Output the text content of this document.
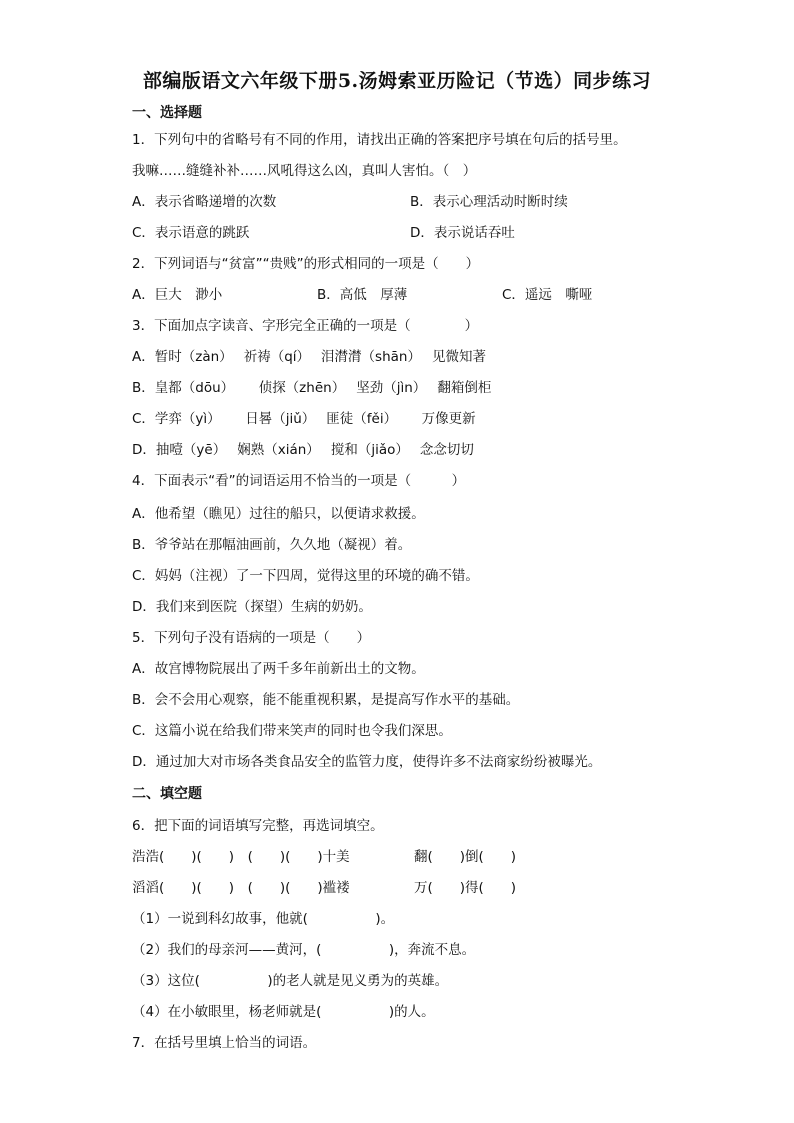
部编版语文六年级下册5.汤姆索亚历险记（节选）同步练习
一、选择题
1．下列句中的省略号有不同的作用，请找出正确的答案把序号填在句后的括号里。
我嘛……缝缝补补……风吼得这么凶，真叫人害怕。（　）
A．表示省略递增的次数	B．表示心理活动时断时续
C．表示语意的跳跃	D．表示说话吞吐
2．下列词语与“贫富”“贵贱”的形式相同的一项是（　　）
A．巨大　渺小	B．高低　厚薄	C．遥远　嘶哑
3．下面加点字读音、字形完全正确的一项是（　　　　）
A．暂时（zàn）　 祈祷（qí）　 泪潸潸（shān）　 见微知著
B．皇都（dōu）　　 侦探（zhēn）　 坚劲（jìn）　 翻箱倒柜
C．学弈（yì）　　 日晷（jiǔ）　 匪徒（fěi）　　 万像更新
D．抽噎（yē）　 娴熟（xián）　 搅和（jiǎo）　 念念切切
4．下面表示“看”的词语运用不恰当的一项是（　　　）
A．他希望（瞧见）过往的船只，以便请求救援。
B．爷爷站在那幅油画前，久久地（凝视）着。
C．妈妈（注视）了一下四周，觉得这里的环境的确不错。
D．我们来到医院（探望）生病的奶奶。
5．下列句子没有语病的一项是（　　）
A．故宫博物院展出了两千多年前新出土的文物。
B．会不会用心观察，能不能重视积累，是提高写作水平的基础。
C．这篇小说在给我们带来笑声的同时也令我们深思。
D．通过加大对市场各类食品安全的监管力度，使得许多不法商家纷纷被曝光。
二、填空题
6．把下面的词语填写完整，再选词填空。
浩浩(　　)(　　)　(　　)(　　)十美	翻(　　)倒(　　)
滔滔(　　)(　　)　(　　)(　　)褴褛	万(　　)得(　　)
（1）一说到科幻故事，他就(　　　　　)。
（2）我们的母亲河——黄河，(　　　　　)，奔流不息。
（3）这位(　　　　　)的老人就是见义勇为的英雄。
（4）在小敏眼里，杨老师就是(　　　　　)的人。
7．在括号里填上恰当的词语。
